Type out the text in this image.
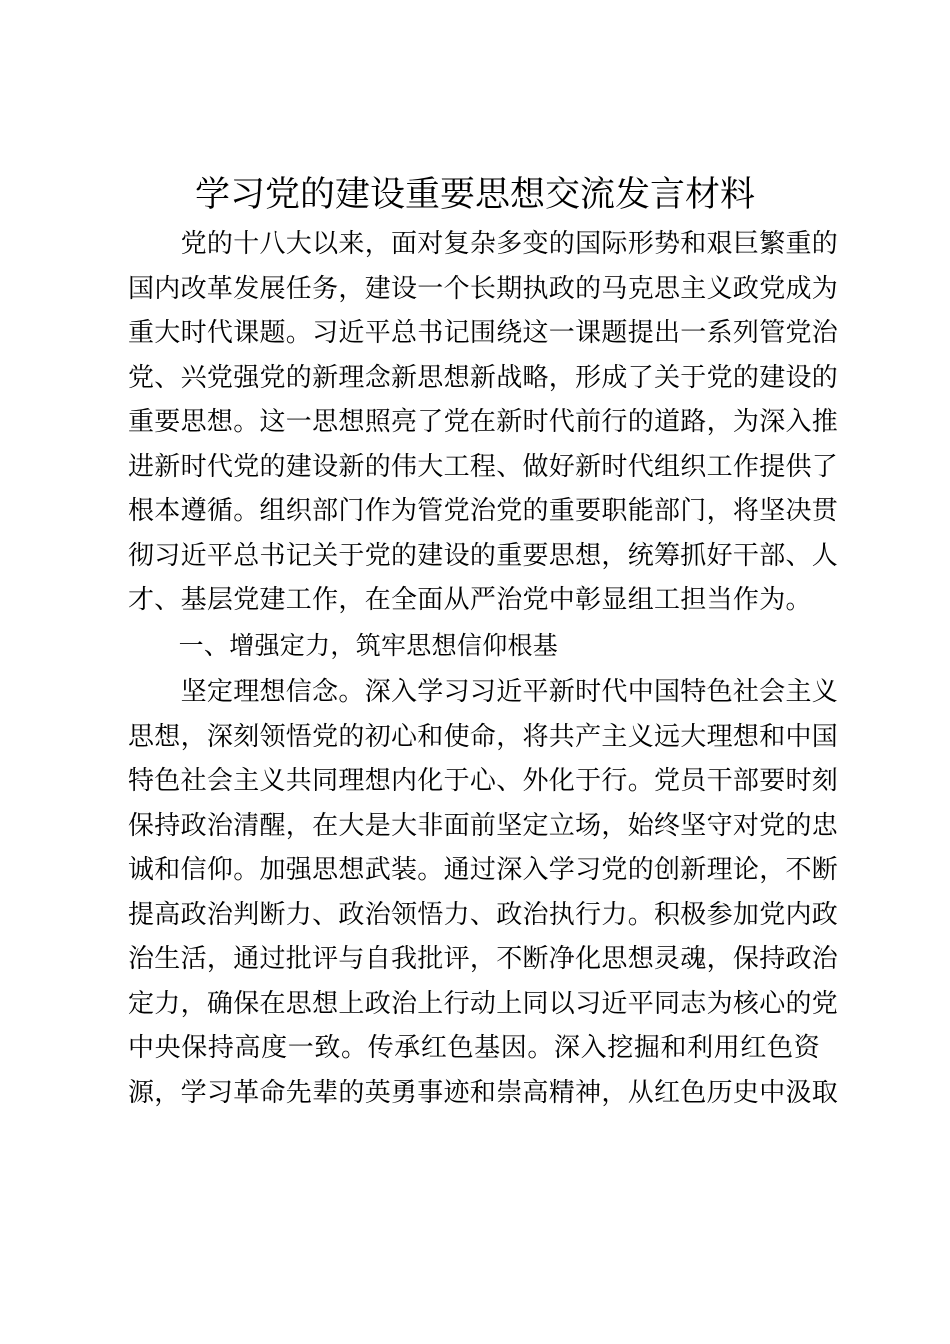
学习党的建设重要思想交流发言材料
　　党的十八大以来，面对复杂多变的国际形势和艰巨繁重的
国内改革发展任务，建设一个长期执政的马克思主义政党成为
重大时代课题。习近平总书记围绕这一课题提出一系列管党治
党、兴党强党的新理念新思想新战略，形成了关于党的建设的
重要思想。这一思想照亮了党在新时代前行的道路，为深入推
进新时代党的建设新的伟大工程、做好新时代组织工作提供了
根本遵循。组织部门作为管党治党的重要职能部门，将坚决贯
彻习近平总书记关于党的建设的重要思想，统筹抓好干部、人
才、基层党建工作，在全面从严治党中彰显组工担当作为。
　　一、增强定力，筑牢思想信仰根基
　　坚定理想信念。深入学习习近平新时代中国特色社会主义
思想，深刻领悟党的初心和使命，将共产主义远大理想和中国
特色社会主义共同理想内化于心、外化于行。党员干部要时刻
保持政治清醒，在大是大非面前坚定立场，始终坚守对党的忠
诚和信仰。加强思想武装。通过深入学习党的创新理论，不断
提高政治判断力、政治领悟力、政治执行力。积极参加党内政
治生活，通过批评与自我批评，不断净化思想灵魂，保持政治
定力，确保在思想上政治上行动上同以习近平同志为核心的党
中央保持高度一致。传承红色基因。深入挖掘和利用红色资
源，学习革命先辈的英勇事迹和崇高精神，从红色历史中汲取
